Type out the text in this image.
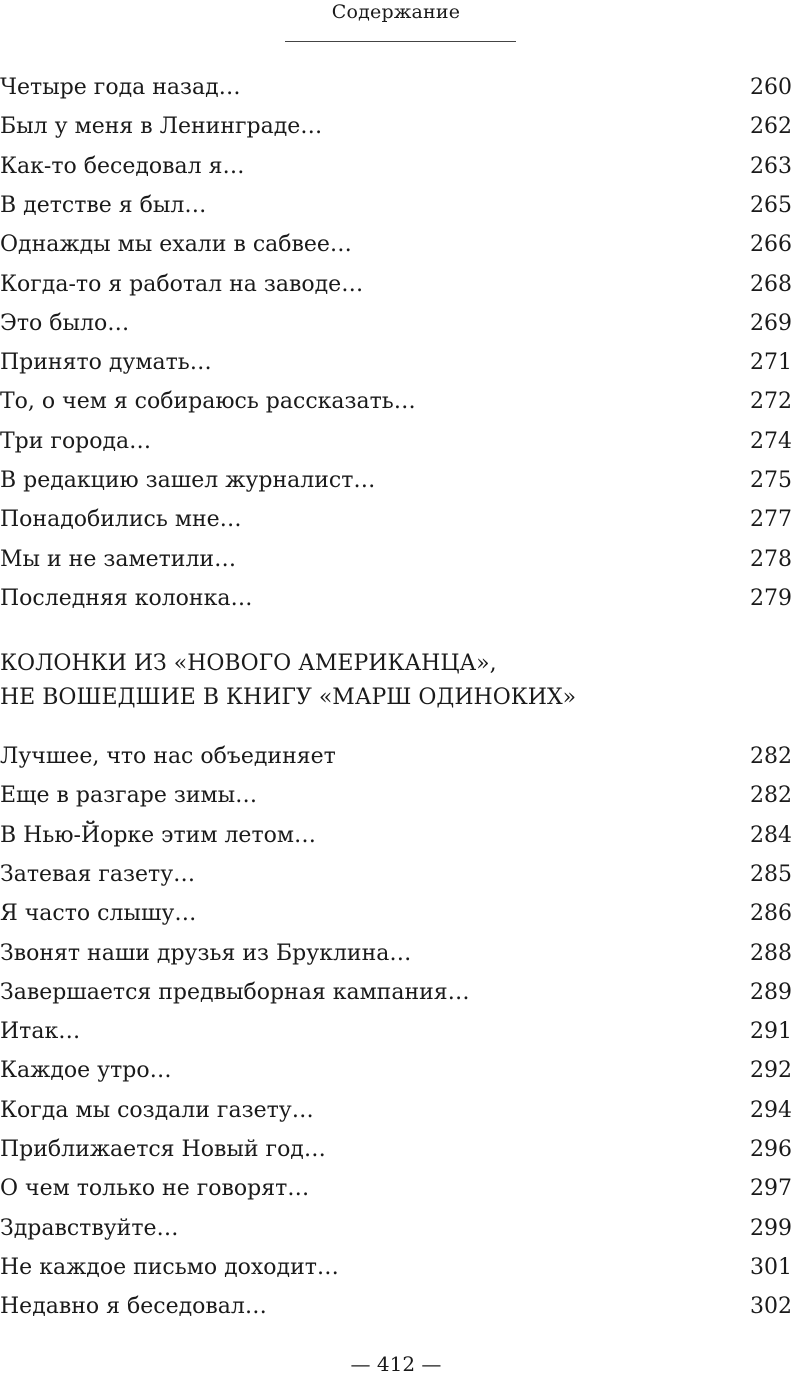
Содержание
Четыре года назад…	260
Был у меня в Ленинграде…	262
Как-то беседовал я…	263
В детстве я был…	265
Однажды мы ехали в сабвее…	266
Когда-то я работал на заводе…	268
Это было…	269
Принято думать…	271
То, о чем я собираюсь рассказать…	272
Три города…	274
В редакцию зашел журналист…	275
Понадобились мне…	277
Мы и не заметили…	278
Последняя колонка…	279
КОЛОНКИ ИЗ «НОВОГО АМЕРИКАНЦА»,
НЕ ВОШЕДШИЕ В КНИГУ «МАРШ ОДИНОКИХ»
Лучшее, что нас объединяет	282
Еще в разгаре зимы…	282
В Нью-Йорке этим летом…	284
Затевая газету…	285
Я часто слышу…	286
Звонят наши друзья из Бруклина…	288
Завершается предвыборная кампания…	289
Итак…	291
Каждое утро…	292
Когда мы создали газету…	294
Приближается Новый год…	296
О чем только не говорят…	297
Здравствуйте…	299
Не каждое письмо доходит…	301
Недавно я беседовал…	302
— 412 —
